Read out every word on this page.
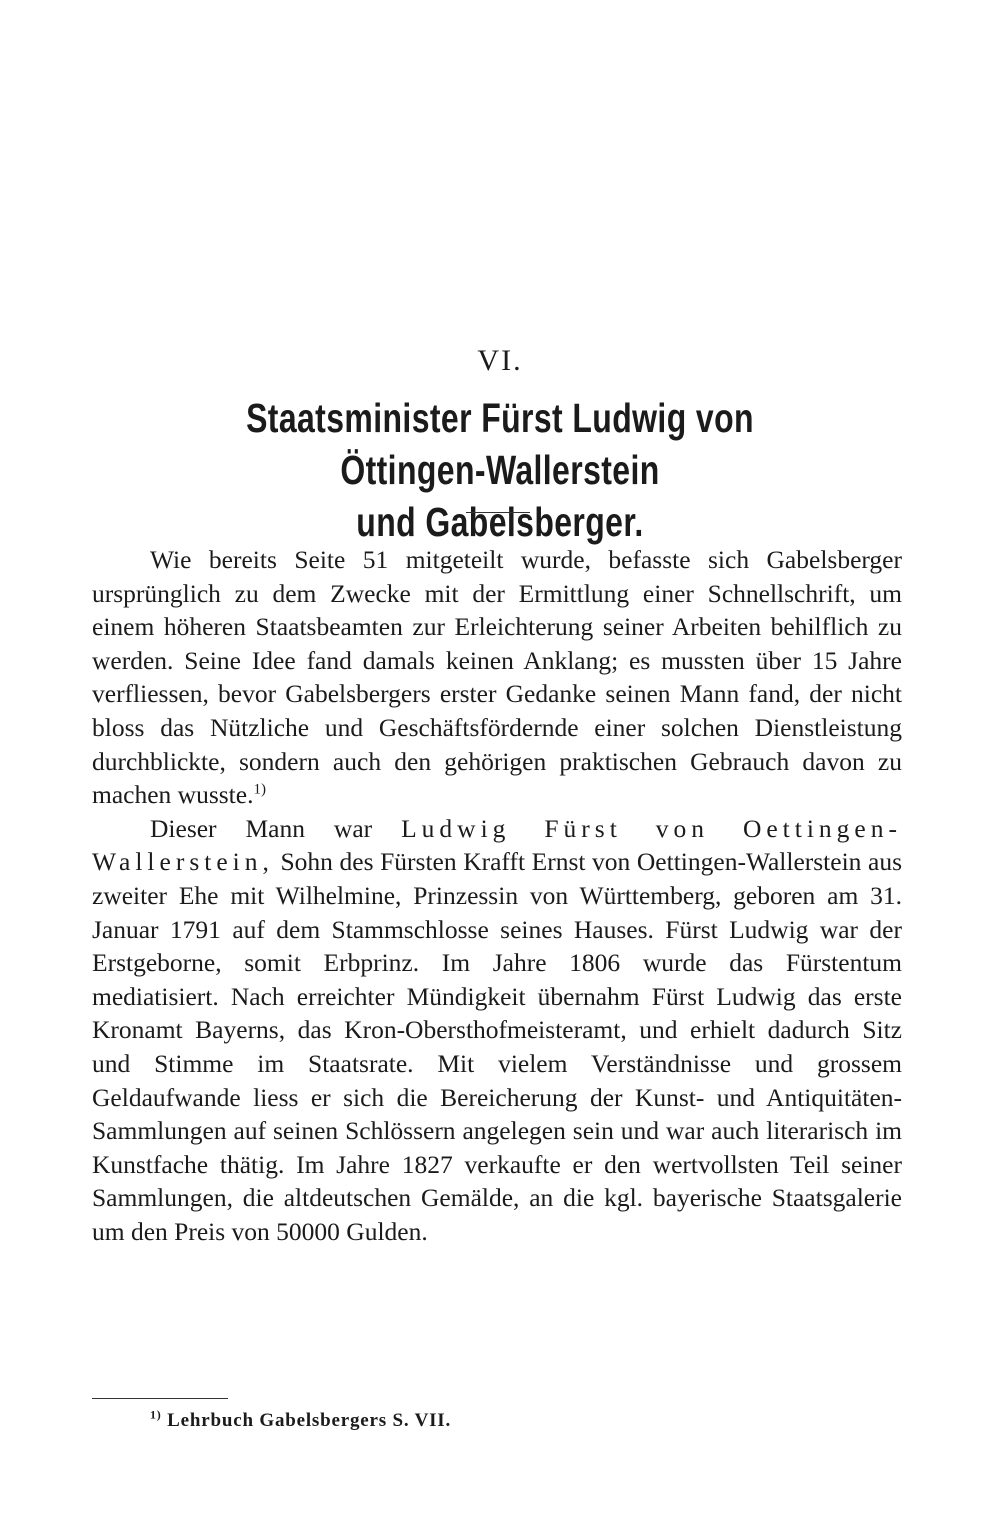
VI.
Staatsminister Fürst Ludwig von Öttingen-Wallerstein
und Gabelsberger.

Wie bereits Seite 51 mitgeteilt wurde, befasste sich Gabelsberger ursprünglich zu dem Zwecke mit der Ermittlung einer Schnellschrift, um einem höheren Staatsbeamten zur Erleichterung seiner Arbeiten behilflich zu werden. Seine Idee fand damals keinen Anklang; es mussten über 15 Jahre verfliessen, bevor Gabelsbergers erster Gedanke seinen Mann fand, der nicht bloss das Nützliche und Geschäftsfördernde einer solchen Dienstleistung durchblickte, sondern auch den gehörigen praktischen Gebrauch davon zu machen wusste.$^{1)}$

Dieser Mann war Ludwig Fürst von Oettingen-Wallerstein, Sohn des Fürsten Krafft Ernst von Oettingen-Wallerstein aus zweiter Ehe mit Wilhelmine, Prinzessin von Württemberg, geboren am 31. Januar 1791 auf dem Stammschlosse seines Hauses. Fürst Ludwig war der Erstgeborne, somit Erbprinz. Im Jahre 1806 wurde das Fürstentum mediatisiert. Nach erreichter Mündigkeit übernahm Fürst Ludwig das erste Kronamt Bayerns, das Kron-Obersthofmeisteramt, und erhielt dadurch Sitz und Stimme im Staatsrate. Mit vielem Verständnisse und grossem Geldaufwande liess er sich die Bereicherung der Kunst- und Antiquitäten-Sammlungen auf seinen Schlössern angelegen sein und war auch literarisch im Kunstfache thätig. Im Jahre 1827 verkaufte er den wertvollsten Teil seiner Sammlungen, die altdeutschen Gemälde, an die kgl. bayerische Staatsgalerie um den Preis von 50000 Gulden.

$^{1)}$ Lehrbuch Gabelsbergers S. VII.
